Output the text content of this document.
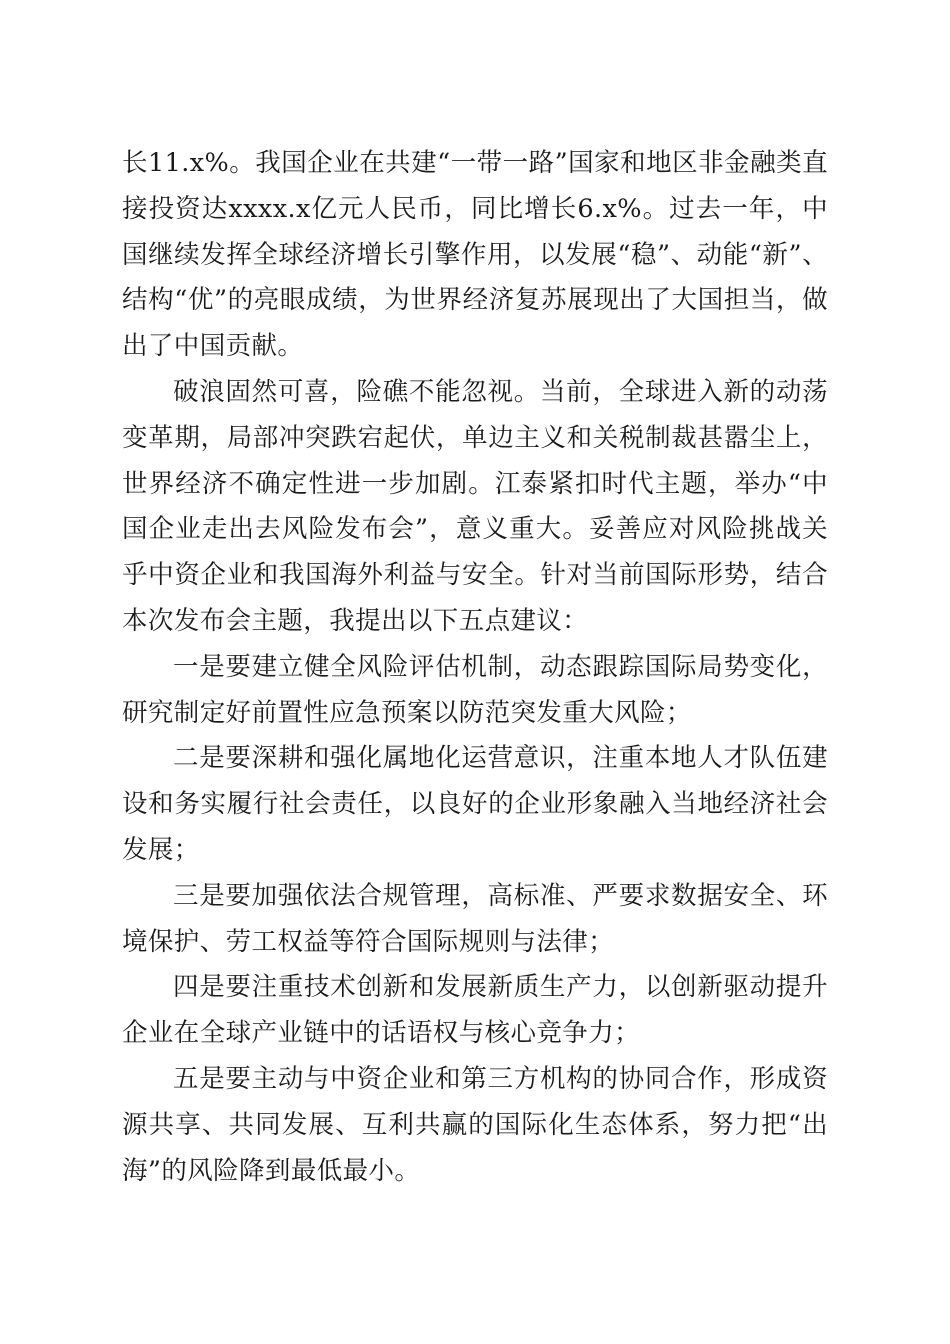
长11.x%。我国企业在共建“一带一路”国家和地区非金融类直接投资达xxxx.x亿元人民币，同比增长6.x%。过去一年，中国继续发挥全球经济增长引擎作用，以发展“稳”、动能“新”、结构“优”的亮眼成绩，为世界经济复苏展现出了大国担当，做出了中国贡献。

破浪固然可喜，险礁不能忽视。当前，全球进入新的动荡变革期，局部冲突跌宕起伏，单边主义和关税制裁甚嚣尘上，世界经济不确定性进一步加剧。江泰紧扣时代主题，举办“中国企业走出去风险发布会”，意义重大。妥善应对风险挑战关乎中资企业和我国海外利益与安全。针对当前国际形势，结合本次发布会主题，我提出以下五点建议：

一是要建立健全风险评估机制，动态跟踪国际局势变化，研究制定好前置性应急预案以防范突发重大风险；

二是要深耕和强化属地化运营意识，注重本地人才队伍建设和务实履行社会责任，以良好的企业形象融入当地经济社会发展；

三是要加强依法合规管理，高标准、严要求数据安全、环境保护、劳工权益等符合国际规则与法律；

四是要注重技术创新和发展新质生产力，以创新驱动提升企业在全球产业链中的话语权与核心竞争力；

五是要主动与中资企业和第三方机构的协同合作，形成资源共享、共同发展、互利共赢的国际化生态体系，努力把“出海”的风险降到最低最小。
